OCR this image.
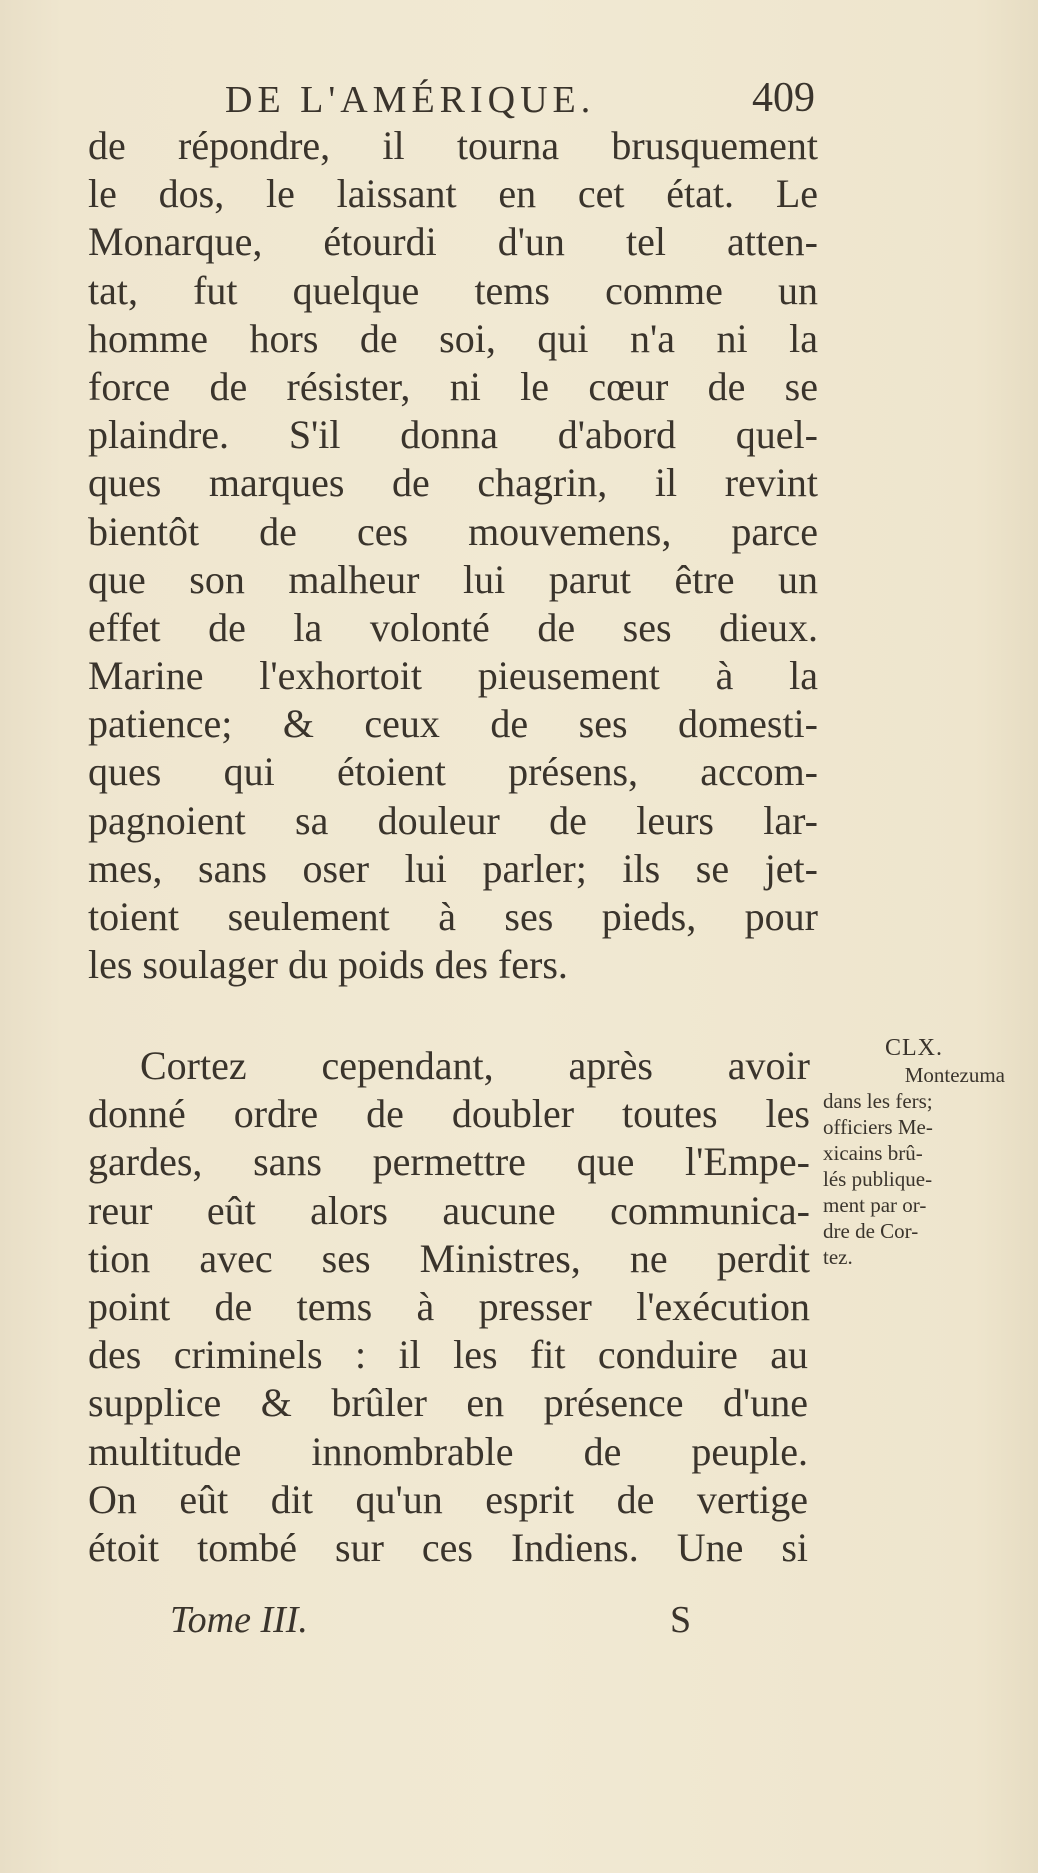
DE L'AMÉRIQUE.	409
de répondre, il tourna brusquement
le dos, le laissant en cet état. Le
Monarque, étourdi d'un tel atten-
tat, fut quelque tems comme un
homme hors de soi, qui n'a ni la
force de résister, ni le cœur de se
plaindre. S'il donna d'abord quel-
ques marques de chagrin, il revint
bientôt de ces mouvemens, parce
que son malheur lui parut être un
effet de la volonté de ses dieux.
Marine l'exhortoit pieusement à la
patience; & ceux de ses domesti-
ques qui étoient présens, accom-
pagnoient sa douleur de leurs lar-
mes, sans oser lui parler; ils se jet-
toient seulement à ses pieds, pour
les soulager du poids des fers.
Cortez cependant, après avoir
donné ordre de doubler toutes les
gardes, sans permettre que l'Empe-
reur eût alors aucune communica-
tion avec ses Ministres, ne perdit
point de tems à presser l'exécution
des criminels : il les fit conduire au
supplice & brûler en présence d'une
multitude innombrable de peuple.
On eût dit qu'un esprit de vertige
étoit tombé sur ces Indiens. Une si
CLX.
Montezuma
dans les fers;
officiers Me-
xicains brû-
lés publique-
ment par or-
dre de Cor-
tez.
Tome III.	S
